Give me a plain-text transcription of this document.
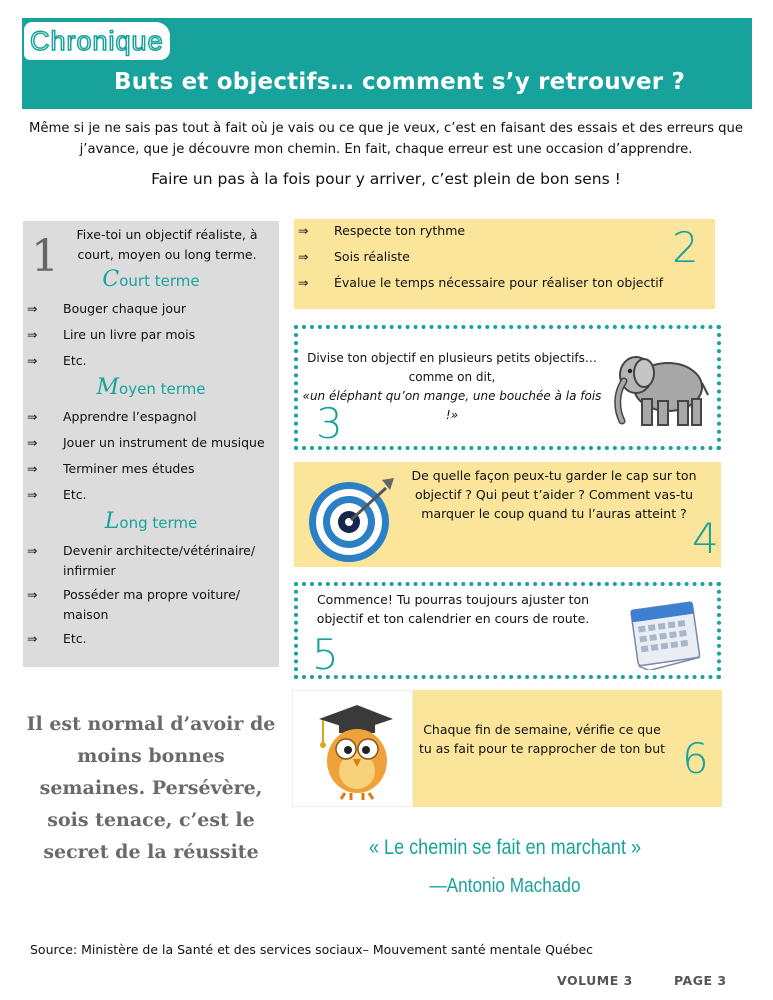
Chronique
Buts et objectifs… comment s’y retrouver ?
Même si je ne sais pas tout à fait où je vais ou ce que je veux, c’est en faisant des essais et des erreurs que j’avance, que je découvre mon chemin. En fait, chaque erreur est une occasion d’apprendre.
Faire un pas à la fois pour y arriver, c’est plein de bon sens !
1	Fixe-toi un objectif réaliste, à court, moyen ou long terme.
Court terme
⇒	Bouger chaque jour
⇒	Lire un livre par mois
⇒	Etc.
Moyen terme
⇒	Apprendre l’espagnol
⇒	Jouer un instrument de musique
⇒	Terminer mes études
⇒	Etc.
Long terme
⇒	Devenir architecte/vétérinaire/ infirmier
⇒	Posséder ma propre voiture/ maison
⇒	Etc.
⇒	Respecte ton rythme
⇒	Sois réaliste
⇒	Évalue le temps nécessaire pour réaliser ton objectif
2
Divise ton objectif en plusieurs petits objectifs… comme on dit,
«un éléphant qu’on mange, une bouchée à la fois !»
3
De quelle façon peux-tu garder le cap sur ton objectif ? Qui peut t’aider ? Comment vas-tu marquer le coup quand tu l’auras atteint ?
4
Commence! Tu pourras toujours ajuster ton objectif et ton calendrier en cours de route.
5
Chaque fin de semaine, vérifie ce que tu as fait pour te rapprocher de ton but 6
Il est normal d’avoir de moins bonnes semaines. Persévère, sois tenace, c’est le secret de la réussite	« Le chemin se fait en marchant »
—Antonio Machado
Source: Ministère de la Santé et des services sociaux– Mouvement santé mentale Québec
VOLUME 3	PAGE 3
